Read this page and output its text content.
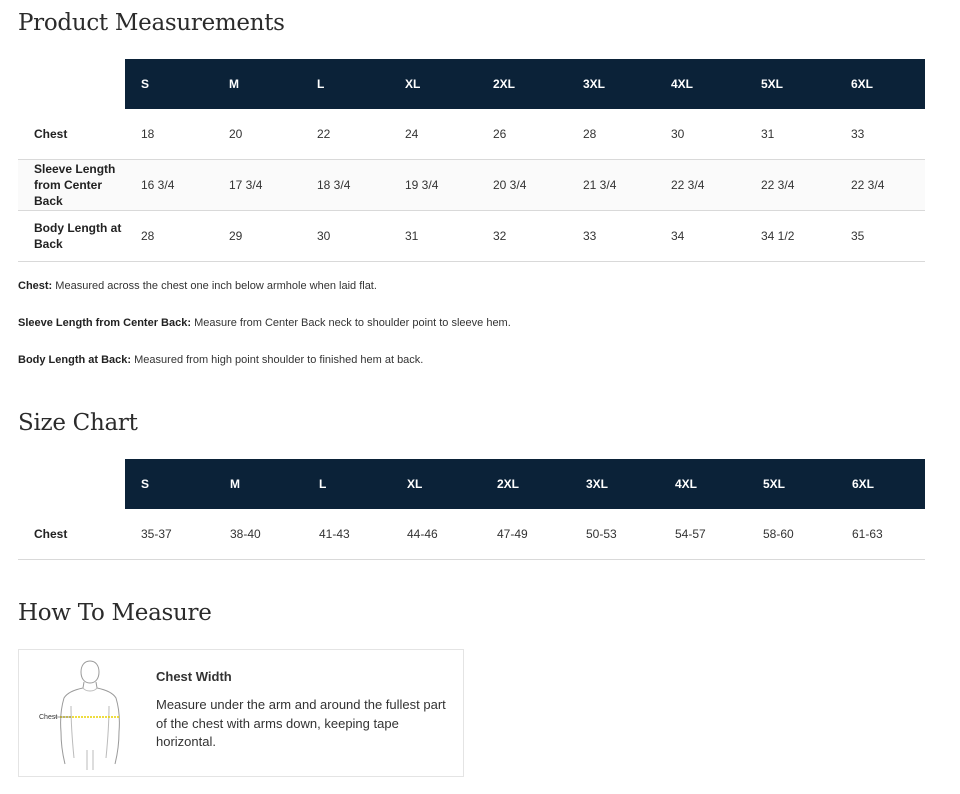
Product Measurements
	S	M	L	XL	2XL	3XL	4XL	5XL	6XL
Chest	18	20	22	24	26	28	30	31	33
Sleeve Length from Center Back	16 3/4	17 3/4	18 3/4	19 3/4	20 3/4	21 3/4	22 3/4	22 3/4	22 3/4
Body Length at Back	28	29	30	31	32	33	34	34 1/2	35

Chest: Measured across the chest one inch below armhole when laid flat.

Sleeve Length from Center Back: Measure from Center Back neck to shoulder point to sleeve hem.

Body Length at Back: Measured from high point shoulder to finished hem at back.

Size Chart
	S	M	L	XL	2XL	3XL	4XL	5XL	6XL
Chest	35-37	38-40	41-43	44-46	47-49	50-53	54-57	58-60	61-63
How To Measure
Chest
Chest Width
Measure under the arm and around the fullest part of the chest with arms down, keeping tape horizontal.
